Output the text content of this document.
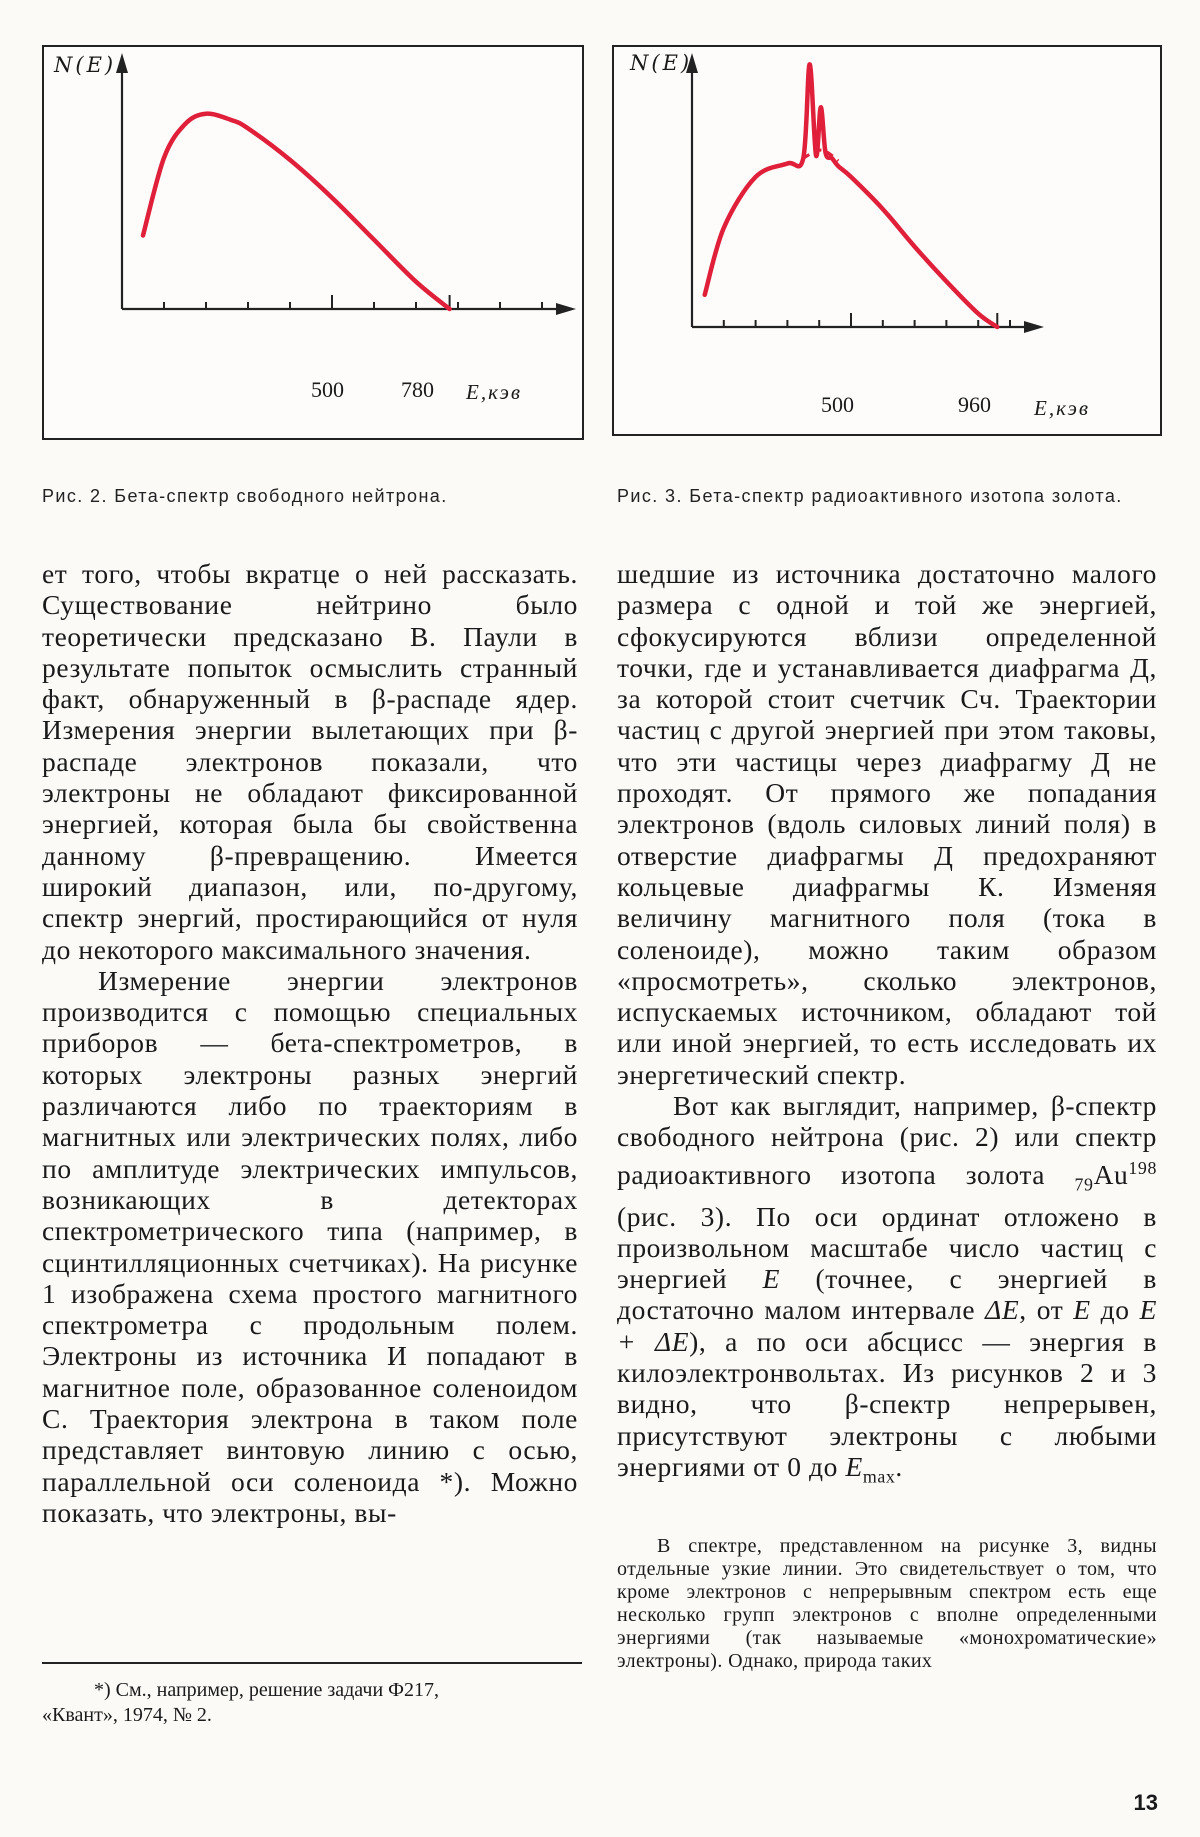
N(E)
500	780 E,кэв
N(E)
500	960 E,кэв
Рис. 2. Бета-спектр свободного нейтрона.	Рис. 3. Бета-спектр радиоактивного изотопа золота.

ет того, чтобы вкратце о ней рассказать. Существование нейтрино было теоретически предсказано В. Паули в результате попыток осмыслить странный факт, обнаруженный в β-распаде ядер. Измерения энергии вылетающих при β-распаде электронов показали, что электроны не обладают фиксированной энергией, которая была бы свойственна данному β-превращению. Имеется широкий диапазон, или, по-другому, спектр энергий, простирающийся от нуля до некоторого максимального значения.

Измерение энергии электронов производится с помощью специальных приборов — бета-спектрометров, в которых электроны разных энергий различаются либо по траекториям в магнитных или электрических полях, либо по амплитуде электрических импульсов, возникающих в детекторах спектрометрического типа (например, в сцинтилляционных счетчиках). На рисунке 1 изображена схема простого магнитного спектрометра с продольным полем. Электроны из источника И попадают в магнитное поле, образованное соленоидом С. Траектория электрона в таком поле представляет винтовую линию с осью, параллельной оси соленоида *). Можно показать, что электроны, вы-

шедшие из источника достаточно малого размера с одной и той же энергией, сфокусируются вблизи определенной точки, где и устанавливается диафрагма Д, за которой стоит счетчик Сч. Траектории частиц с другой энергией при этом таковы, что эти частицы через диафрагму Д не проходят. От прямого же попадания электронов (вдоль силовых линий поля) в отверстие диафрагмы Д предохраняют кольцевые диафрагмы К. Изменяя величину магнитного поля (тока в соленоиде), можно таким образом «просмотреть», сколько электронов, испускаемых источником, обладают той или иной энергией, то есть исследовать их энергетический спектр.

Вот как выглядит, например, β-спектр свободного нейтрона (рис. 2) или спектр радиоактивного изотопа золота $_{79}Au^{198}$ (рис. 3). По оси ординат отложено в произвольном масштабе число частиц с энергией E (точнее, с энергией в достаточно малом интервале ΔE, от E до E + ΔE), а по оси абсцисс — энергия в килоэлектронвольтах. Из рисунков 2 и 3 видно, что β-спектр непрерывен, присутствуют электроны с любыми энергиями от 0 до $E_{max}$.

В спектре, представленном на рисунке 3, видны отдельные узкие линии. Это свидетельствует о том, что кроме электронов с непрерывным спектром есть еще несколько групп электронов с вполне определенными энергиями (так называемые «монохроматические» электроны). Однако, природа таких
*) См., например, решение задачи Ф217,
«Квант», 1974, № 2.
13
